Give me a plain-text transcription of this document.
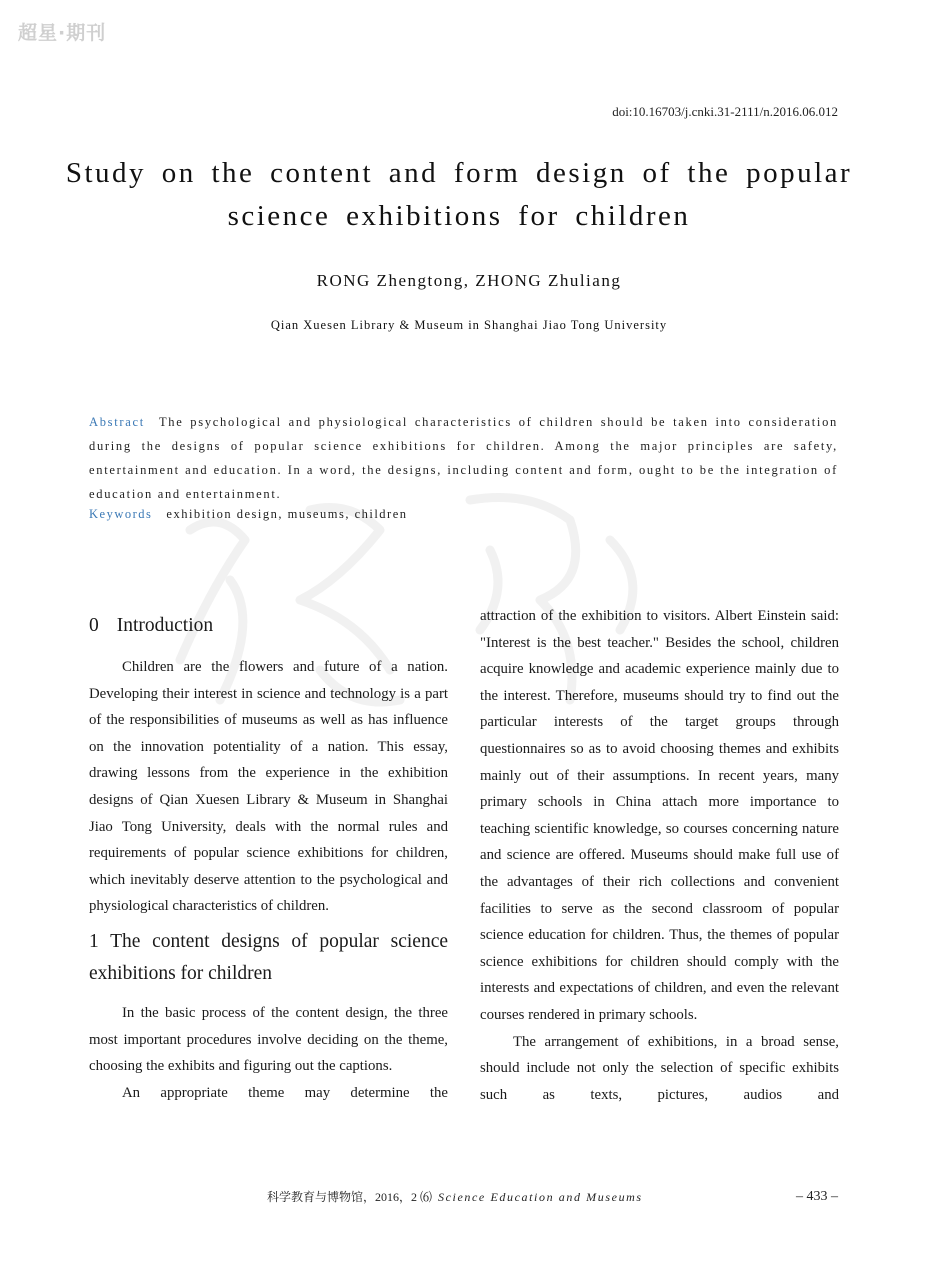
超星·期刊
doi:10.16703/j.cnki.31-2111/n.2016.06.012
Study on the content and form design of the popular science exhibitions for children
RONG Zhengtong, ZHONG Zhuliang
Qian Xuesen Library & Museum in Shanghai Jiao Tong University
Abstract The psychological and physiological characteristics of children should be taken into consideration during the designs of popular science exhibitions for children. Among the major principles are safety, entertainment and education. In a word, the designs, including content and form, ought to be the integration of education and entertainment.
Keywords exhibition design, museums, children
0 Introduction

Children are the flowers and future of a nation. Developing their interest in science and technology is a part of the responsibilities of museums as well as has influence on the innovation potentiality of a nation. This essay, drawing lessons from the experience in the exhibition designs of Qian Xuesen Library & Museum in Shanghai Jiao Tong University, deals with the normal rules and requirements of popular science exhibitions for children, which inevitably deserve attention to the psychological and physiological characteristics of children.

1 The content designs of popular science exhibitions for children

In the basic process of the content design, the three most important procedures involve deciding on the theme, choosing the exhibits and figuring out the captions.

An appropriate theme may determine the

attraction of the exhibition to visitors. Albert Einstein said: "Interest is the best teacher." Besides the school, children acquire knowledge and academic experience mainly due to the interest. Therefore, museums should try to find out the particular interests of the target groups through questionnaires so as to avoid choosing themes and exhibits mainly out of their assumptions. In recent years, many primary schools in China attach more importance to teaching scientific knowledge, so courses concerning nature and science are offered. Museums should make full use of the advantages of their rich collections and convenient facilities to serve as the second classroom of popular science education for children. Thus, the themes of popular science exhibitions for children should comply with the interests and expectations of children, and even the relevant courses rendered in primary schools.

The arrangement of exhibitions, in a broad sense, should include not only the selection of specific exhibits such as texts, pictures, audios and

科学教育与博物馆，2016，2 ⑹ Science Education and Museums	– 433 –
